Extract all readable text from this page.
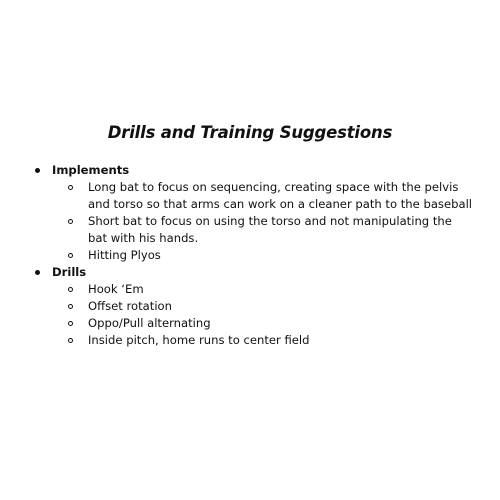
Drills and Training Suggestions
Implements
Long bat to focus on sequencing, creating space with the pelvis
and torso so that arms can work on a cleaner path to the baseball
Short bat to focus on using the torso and not manipulating the
bat with his hands.
Hitting Plyos
Drills
Hook ‘Em
Offset rotation
Oppo/Pull alternating
Inside pitch, home runs to center field
